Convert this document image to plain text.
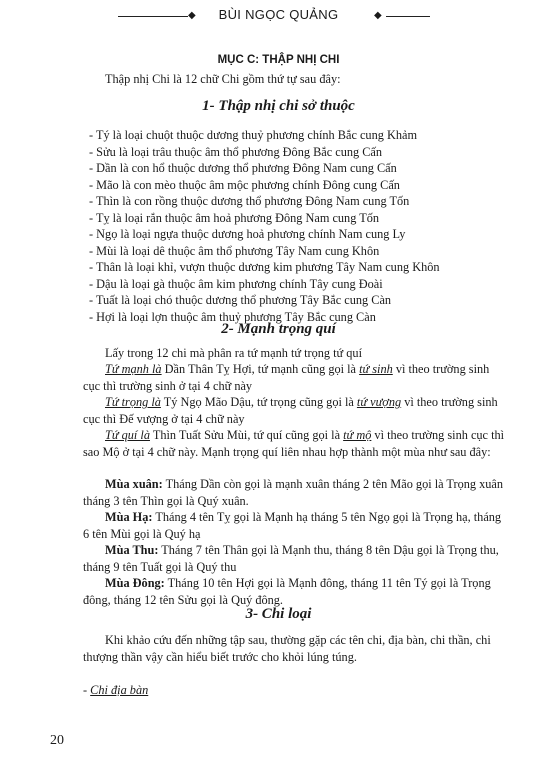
◆	BÙI NGỌC QUẢNG	◆
MỤC C: THẬP NHỊ CHI
Thập nhị Chi là 12 chữ Chi gồm thứ tự sau đây:
1- Thập nhị chi sở thuộc
- Tý là loại chuột thuộc dương thuỷ phương chính Bắc cung Khảm
- Sửu là loại trâu thuộc âm thổ phương Đông Bắc cung Cấn
- Dần là con hổ thuộc dương thổ phương Đông Nam cung Cấn
- Mão là con mèo thuộc âm mộc phương chính Đông cung Cấn
- Thìn là con rồng thuộc dương thổ phương Đông Nam cung Tốn
- Tỵ là loại rắn thuộc âm hoả phương Đông Nam cung Tốn
- Ngọ là loại ngựa thuộc dương hoả phương chính Nam cung Ly
- Mùi là loại dê thuộc âm thổ phương Tây Nam cung Khôn
- Thân là loại khỉ, vượn thuộc dương kim phương Tây Nam cung Khôn
- Dậu là loại gà thuộc âm kim phương chính Tây cung Đoài
- Tuất là loại chó thuộc dương thổ phương Tây Bắc cung Càn
- Hợi là loại lợn thuộc âm thuỷ phương Tây Bắc cung Càn
2- Mạnh trọng quí
Lấy trong 12 chi mà phân ra tứ mạnh tứ trọng tứ quí
Tứ mạnh là Dần Thân Tỵ Hợi, tứ mạnh cũng gọi là tứ sinh vì theo trường sinh cục thì trường sinh ở tại 4 chữ này
Tứ trọng là Tý Ngọ Mão Dậu, tứ trọng cũng gọi là tứ vượng vì theo trường sinh cục thì Đế vượng ở tại 4 chữ này
Tứ quí là Thìn Tuất Sửu Mùi, tứ quí cũng gọi là tứ mộ vì theo trường sinh cục thì sao Mộ ở tại 4 chữ này. Mạnh trọng quí liên nhau hợp thành một mùa như sau đây:
Mùa xuân: Tháng Dần còn gọi là mạnh xuân tháng 2 tên Mão gọi là Trọng xuân tháng 3 tên Thìn gọi là Quý xuân.
Mùa Hạ: Tháng 4 tên Tỵ gọi là Mạnh hạ tháng 5 tên Ngọ gọi là Trọng hạ, tháng 6 tên Mùi gọi là Quý hạ
Mùa Thu: Tháng 7 tên Thân gọi là Mạnh thu, tháng 8 tên Dậu gọi là Trọng thu, tháng 9 tên Tuất gọi là Quý thu
Mùa Đông: Tháng 10 tên Hợi gọi là Mạnh đông, tháng 11 tên Tý gọi là Trọng đông, tháng 12 tên Sửu gọi là Quý đông.
3- Chi loại
Khi khảo cứu đến những tập sau, thường gặp các tên chi, địa bàn, chi thần, chi thượng thần vậy cần hiểu biết trước cho khỏi lúng túng.
- Chi địa bàn
20
